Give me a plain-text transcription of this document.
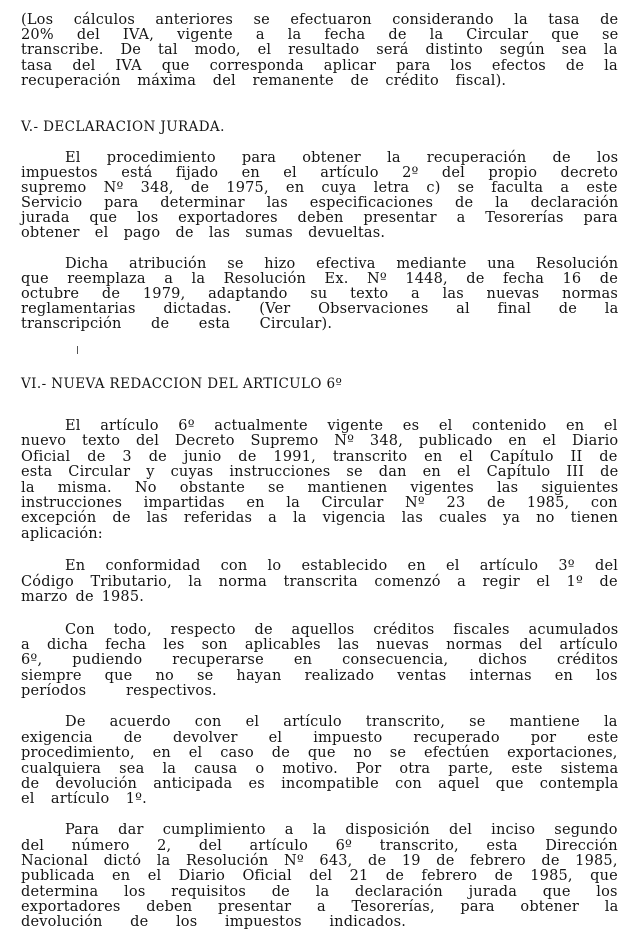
(Los cálculos anteriores se efectuaron considerando la tasa de
20% del IVA, vigente a la fecha de la Circular que se
transcribe. De tal modo, el resultado será distinto según sea la
tasa del IVA que corresponda aplicar para los efectos de la
recuperación máxima del remanente de crédito fiscal).
V.- DECLARACION JURADA.
El procedimiento para obtener la recuperación de los
impuestos está fijado en el artículo 2º del propio decreto
supremo Nº 348, de 1975, en cuya letra c) se faculta a este
Servicio para determinar las especificaciones de la declaración
jurada que los exportadores deben presentar a Tesorerías para
obtener el pago de las sumas devueltas.
Dicha atribución se hizo efectiva mediante una Resolución
que reemplaza a la Resolución Ex. Nº 1448, de fecha 16 de
octubre de 1979, adaptando su texto a las nuevas normas
reglamentarias dictadas. (Ver Observaciones al final de la
transcripción de esta Circular).
VI.- NUEVA REDACCION DEL ARTICULO 6º
El artículo 6º actualmente vigente es el contenido en el
nuevo texto del Decreto Supremo Nº 348, publicado en el Diario
Oficial de 3 de junio de 1991, transcrito en el Capítulo II de
esta Circular y cuyas instrucciones se dan en el Capítulo III de
la misma. No obstante se mantienen vigentes las siguientes
instrucciones impartidas en la Circular Nº 23 de 1985, con
excepción de las referidas a la vigencia las cuales ya no tienen
aplicación:
En conformidad con lo establecido en el artículo 3º del
Código Tributario, la norma transcrita comenzó a regir el 1º de
marzo de 1985.
Con todo, respecto de aquellos créditos fiscales acumulados
a dicha fecha les son aplicables las nuevas normas del artículo
6º, pudiendo recuperarse en consecuencia, dichos créditos
siempre que no se hayan realizado ventas internas en los
períodos respectivos.
De acuerdo con el artículo transcrito, se mantiene la
exigencia de devolver el impuesto recuperado por este
procedimiento, en el caso de que no se efectúen exportaciones,
cualquiera sea la causa o motivo. Por otra parte, este sistema
de devolución anticipada es incompatible con aquel que contempla
el artículo 1º.
Para dar cumplimiento a la disposición del inciso segundo
del número 2, del artículo 6º transcrito, esta Dirección
Nacional dictó la Resolución Nº 643, de 19 de febrero de 1985,
publicada en el Diario Oficial del 21 de febrero de 1985, que
determina los requisitos de la declaración jurada que los
exportadores deben presentar a Tesorerías, para obtener la
devolución de los impuestos indicados.
